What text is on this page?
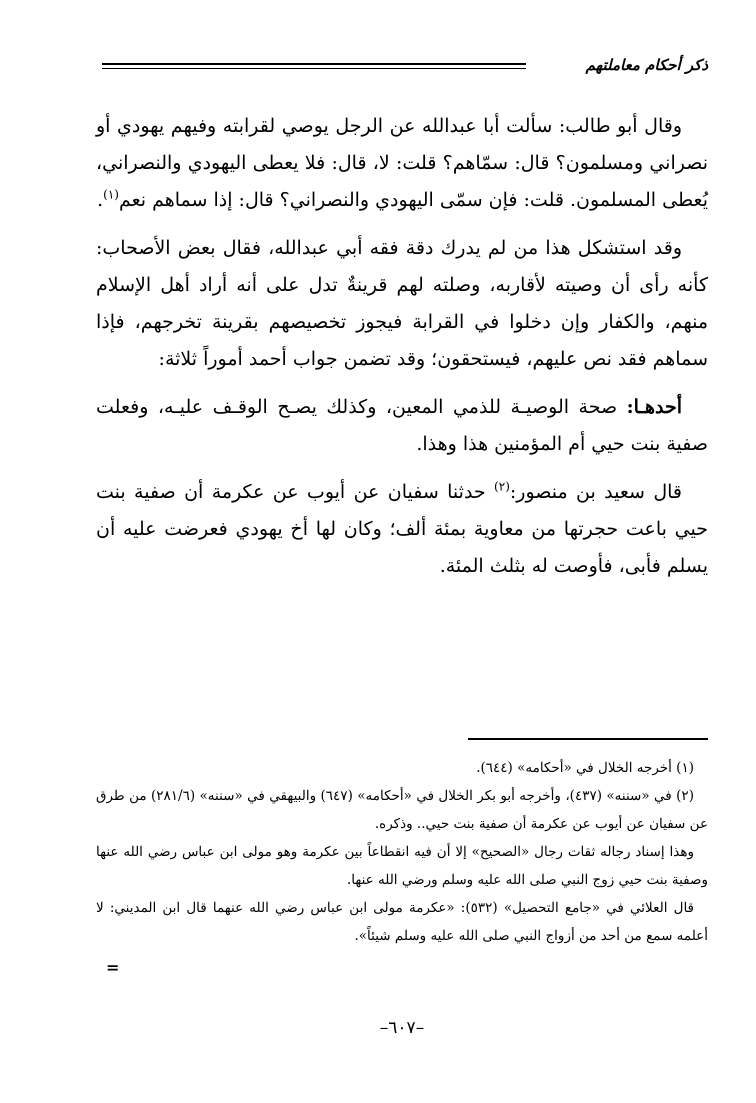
ذكر أحكام معاملتهم

وقال أبو طالب: سألت أبا عبدالله عن الرجل يوصي لقرابته وفيهم يهودي أو نصراني ومسلمون؟ قال: سمّاهم؟ قلت: لا، قال: فلا يعطى اليهودي والنصراني، يُعطى المسلمون. قلت: فإن سمّى اليهودي والنصراني؟ قال: إذا سماهم نعم$^{(١)}$.

وقد استشكل هذا من لم يدرك دقة فقه أبي عبدالله، فقال بعض الأصحاب: كأنه رأى أن وصيته لأقاربه، وصلته لهم قرينةٌ تدل على أنه أراد أهل الإسلام منهم، والكفار وإن دخلوا في القرابة فيجوز تخصيصهم بقرينة تخرجهم، فإذا سماهم فقد نص عليهم، فيستحقون؛ وقد تضمن جواب أحمد أموراً ثلاثة:

أحدهـا: صحة الوصيـة للذمي المعين، وكذلك يصـح الوقـف عليـه، وفعلت صفية بنت حيي أم المؤمنين هذا وهذا.

قال سعيد بن منصور:$^{(٢)}$ حدثنا سفيان عن أيوب عن عكرمة أن صفية بنت حيي باعت حجرتها من معاوية بمئة ألف؛ وكان لها أخ يهودي فعرضت عليه أن يسلم فأبى، فأوصت له بثلث المئة.

(١) أخرجه الخلال في «أحكامه» (٦٤٤).

(٢) في «سننه» (٤٣٧)، وأخرجه أبو بكر الخلال في «أحكامه» (٦٤٧) والبيهقي في «سننه» (٢٨١/٦) من طرق عن سفيان عن أيوب عن عكرمة أن صفية بنت حيي.. وذكره.

وهذا إسناد رجاله ثقات رجال «الصحيح» إلا أن فيه انقطاعاً بين عكرمة وهو مولى ابن عباس رضي الله عنها وصفية بنت حيي زوج النبي صلى الله عليه وسلم ورضي الله عنها.

قال العلائي في «جامع التحصيل» (٥٣٢): «عكرمة مولى ابن عباس رضي الله عنهما قال ابن المديني: لا أعلمه سمع من أحد من أزواج النبي صلى الله عليه وسلم شيئاً».

=
–٦٠٧–
